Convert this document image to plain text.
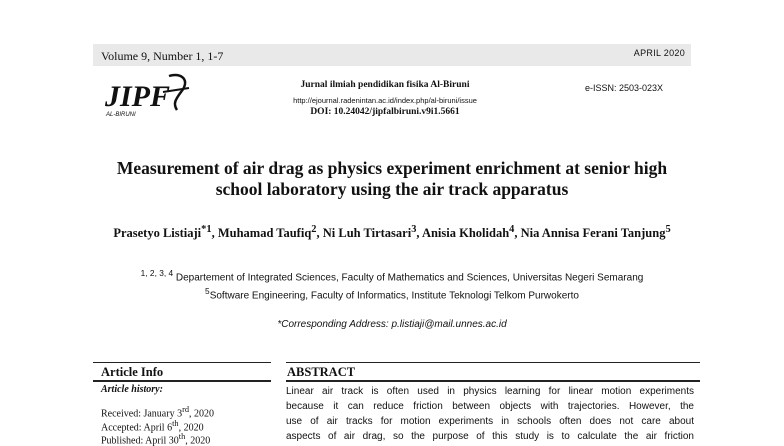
Volume 9, Number 1, 1-7	APRIL 2020
JIPF
AL-BIRUNI
Jurnal ilmiah pendidikan fisika Al-Biruni
http://ejournal.radenintan.ac.id/index.php/al-biruni/issue
DOI: 10.24042/jipfalbiruni.v9i1.5661
e-ISSN: 2503-023X
Measurement of air drag as physics experiment enrichment at senior high
school laboratory using the air track apparatus
Prasetyo Listiaji$^{*1}$, Muhamad Taufiq$^2$, Ni Luh Tirtasari$^3$, Anisia Kholidah$^4$, Nia Annisa Ferani Tanjung$^5$
$^{1, 2, 3, 4}$ Departement of Integrated Sciences, Faculty of Mathematics and Sciences, Universitas Negeri Semarang
$^5$Software Engineering, Faculty of Informatics, Institute Teknologi Telkom Purwokerto
*Corresponding Address: p.listiaji@mail.unnes.ac.id
Article Info	ABSTRACT
Article history:
Received: January 3rd, 2020
Accepted: April 6th, 2020
Published: April 30th, 2020
Linear air track is often used in physics learning for linear motion experiments
because it can reduce friction between objects with trajectories. However, the
use of air tracks for motion experiments in schools often does not care about
aspects of air drag, so the purpose of this study is to calculate the air friction
